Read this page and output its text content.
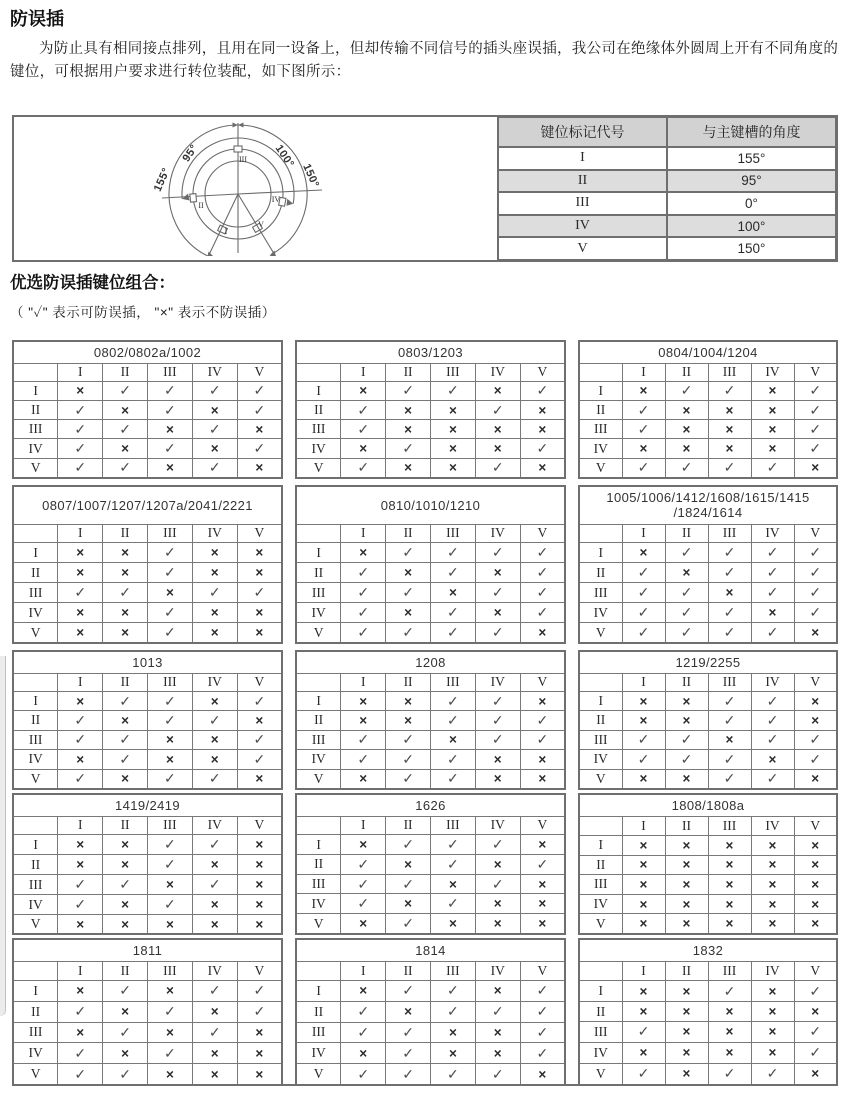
防误插
为防止具有相同接点排列，且用在同一设备上，但却传输不同信号的插头座误插，我公司在绝缘体外圆周上开有不同角度的键位，可根据用户要求进行转位装配，如下图所示：
155°
95°	100°
150°
III
II
IV
I
V
键位标记代号	与主键槽的角度
I	155°
II	95°
III	0°
IV	100°
V	150°
优选防误插键位组合：
（ "✓" 表示可防误插， "×" 表示不防误插）
0802/0802a/1002					
	I	II	III	IV	V
I	×	✓	✓	✓	✓
II	✓	×	✓	×	✓
III	✓	✓	×	✓	×
IV	✓	×	✓	×	✓
V	✓	✓	×	✓	×
0803/1203					
	I	II	III	IV	V
I	×	✓	✓	×	✓
II	✓	×	×	✓	×
III	✓	×	×	×	×
IV	×	✓	×	×	✓
V	✓	×	×	✓	×
0804/1004/1204					
	I	II	III	IV	V
I	×	✓	✓	×	✓
II	✓	×	×	×	✓
III	✓	×	×	×	✓
IV	×	×	×	×	✓
V	✓	✓	✓	✓	×
0807/1007/1207/1207a/2041/2221					
	I	II	III	IV	V
I	×	×	✓	×	×
II	×	×	✓	×	×
III	✓	✓	×	✓	✓
IV	×	×	✓	×	×
V	×	×	✓	×	×
0810/1010/1210					
	I	II	III	IV	V
I	×	✓	✓	✓	✓
II	✓	×	✓	×	✓
III	✓	✓	×	✓	✓
IV	✓	×	✓	×	✓
V	✓	✓	✓	✓	×
1005/1006/1412/1608/1615/1415
/1824/1614					
	I	II	III	IV	V
I	×	✓	✓	✓	✓
II	✓	×	✓	✓	✓
III	✓	✓	×	✓	✓
IV	✓	✓	✓	×	✓
V	✓	✓	✓	✓	×
1013					
	I	II	III	IV	V
I	×	✓	✓	×	✓
II	✓	×	✓	✓	×
III	✓	✓	×	×	✓
IV	×	✓	×	×	✓
V	✓	×	✓	✓	×
1208					
	I	II	III	IV	V
I	×	×	✓	✓	×
II	×	×	✓	✓	✓
III	✓	✓	×	✓	✓
IV	✓	✓	✓	×	×
V	×	✓	✓	×	×
1219/2255					
	I	II	III	IV	V
I	×	×	✓	✓	×
II	×	×	✓	✓	×
III	✓	✓	×	✓	✓
IV	✓	✓	✓	×	✓
V	×	×	✓	✓	×
1419/2419					
	I	II	III	IV	V
I	×	×	✓	✓	×
II	×	×	✓	×	×
III	✓	✓	×	✓	×
IV	✓	×	✓	×	×
V	×	×	×	×	×
1626					
	I	II	III	IV	V
I	×	✓	✓	✓	×
II	✓	×	✓	×	✓
III	✓	✓	×	✓	×
IV	✓	×	✓	×	×
V	×	✓	×	×	×
1808/1808a					
	I	II	III	IV	V
I	×	×	×	×	×
II	×	×	×	×	×
III	×	×	×	×	×
IV	×	×	×	×	×
V	×	×	×	×	×
1811					
	I	II	III	IV	V
I	×	✓	×	✓	✓
II	✓	×	✓	×	✓
III	×	✓	×	✓	×
IV	✓	×	✓	×	×
V	✓	✓	×	×	×
1814					
	I	II	III	IV	V
I	×	✓	✓	×	✓
II	✓	×	✓	✓	✓
III	✓	✓	×	×	✓
IV	×	✓	×	×	✓
V	✓	✓	✓	✓	×
1832					
	I	II	III	IV	V
I	×	×	✓	×	✓
II	×	×	×	×	×
III	✓	×	×	×	✓
IV	×	×	×	×	✓
V	✓	×	✓	✓	×
